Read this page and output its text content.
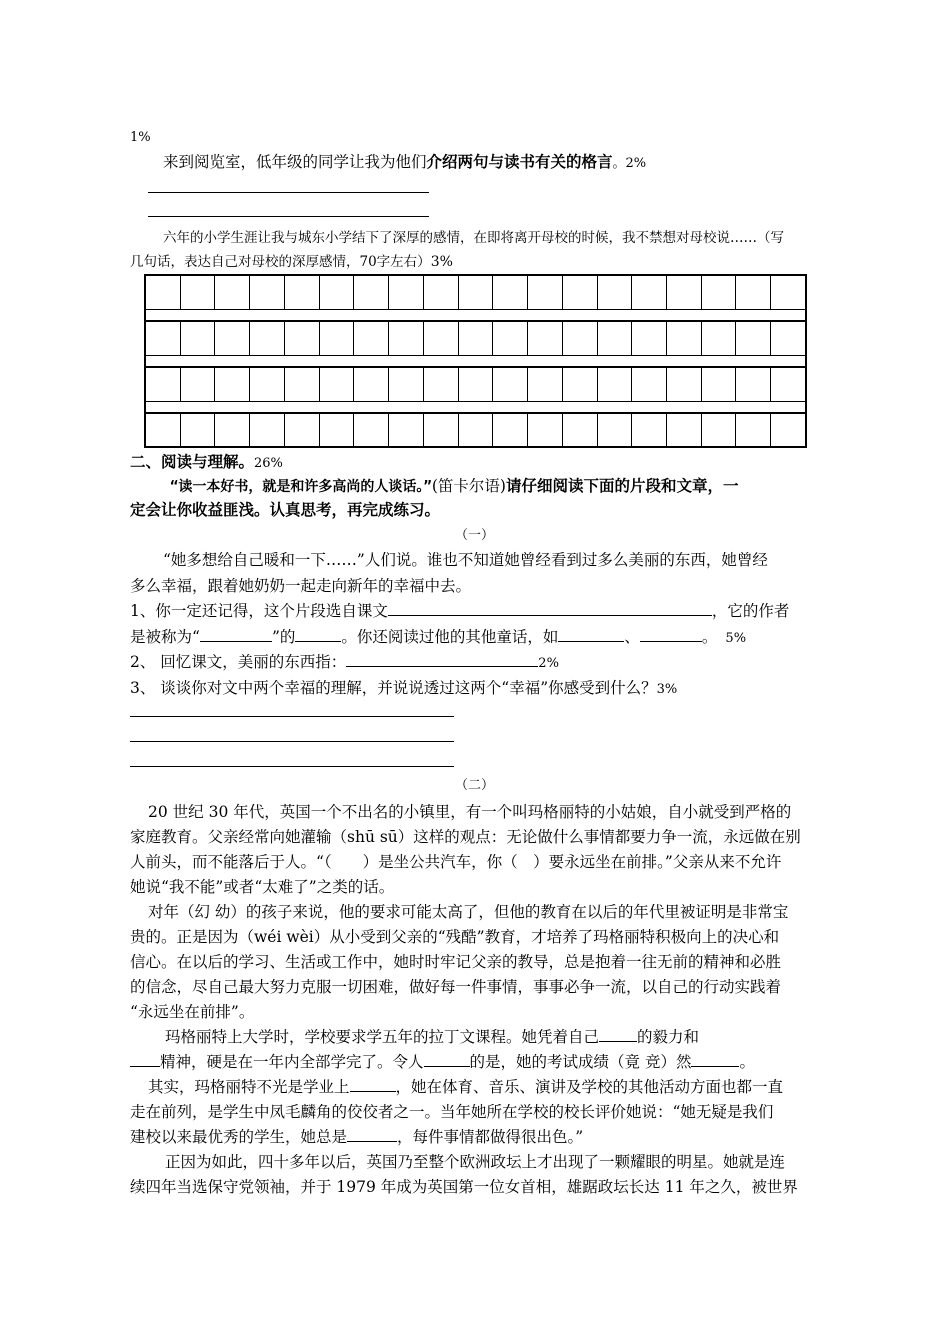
1%
来到阅览室，低年级的同学让我为他们介绍两句与读书有关的格言。2%
六年的小学生涯让我与城东小学结下了深厚的感情，在即将离开母校的时候，我不禁想对母校说……（写
几句话，表达自己对母校的深厚感情，70字左右）3%
二、阅读与理解。26%
“读一本好书，就是和许多高尚的人谈话。”(笛卡尔语)请仔细阅读下面的片段和文章，一
定会让你收益匪浅。认真思考，再完成练习。
（一）
“她多想给自己暖和一下……”人们说。谁也不知道她曾经看到过多么美丽的东西，她曾经
多么幸福，跟着她奶奶一起走向新年的幸福中去。
1、你一定还记得，这个片段选自课文	，它的作者
是被称为“	”的	。你还阅读过他的其他童话，如	、	。 5%
2、 回忆课文，美丽的东西指：	2%
3、 谈谈你对文中两个幸福的理解，并说说透过这两个“幸福”你感受到什么？3%
（二）
20 世纪 30 年代，英国一个不出名的小镇里，有一个叫玛格丽特的小姑娘，自小就受到严格的
家庭教育。父亲经常向她灌输（shū sū）这样的观点：无论做什么事情都要力争一流，永远做在别
人前头，而不能落后于人。“（　　）是坐公共汽车，你（　）要永远坐在前排。”父亲从来不允许
她说“我不能”或者“太难了”之类的话。
对年（幻 幼）的孩子来说，他的要求可能太高了，但他的教育在以后的年代里被证明是非常宝
贵的。正是因为（wéi wèi）从小受到父亲的“残酷”教育，才培养了玛格丽特积极向上的决心和
信心。在以后的学习、生活或工作中，她时时牢记父亲的教导，总是抱着一往无前的精神和必胜
的信念，尽自己最大努力克服一切困难，做好每一件事情，事事必争一流，以自己的行动实践着
“永远坐在前排”。
玛格丽特上大学时，学校要求学五年的拉丁文课程。她凭着自己 的毅力和
精神，硬是在一年内全部学完了。令人	的是，她的考试成绩（竟 竞）然	。
其实，玛格丽特不光是学业上	，她在体育、音乐、演讲及学校的其他活动方面也都一直
走在前列，是学生中凤毛麟角的佼佼者之一。当年她所在学校的校长评价她说：“她无疑是我们
建校以来最优秀的学生，她总是	，每件事情都做得很出色。”
正因为如此，四十多年以后，英国乃至整个欧洲政坛上才出现了一颗耀眼的明星。她就是连
续四年当选保守党领袖，并于 1979 年成为英国第一位女首相，雄踞政坛长达 11 年之久，被世界
